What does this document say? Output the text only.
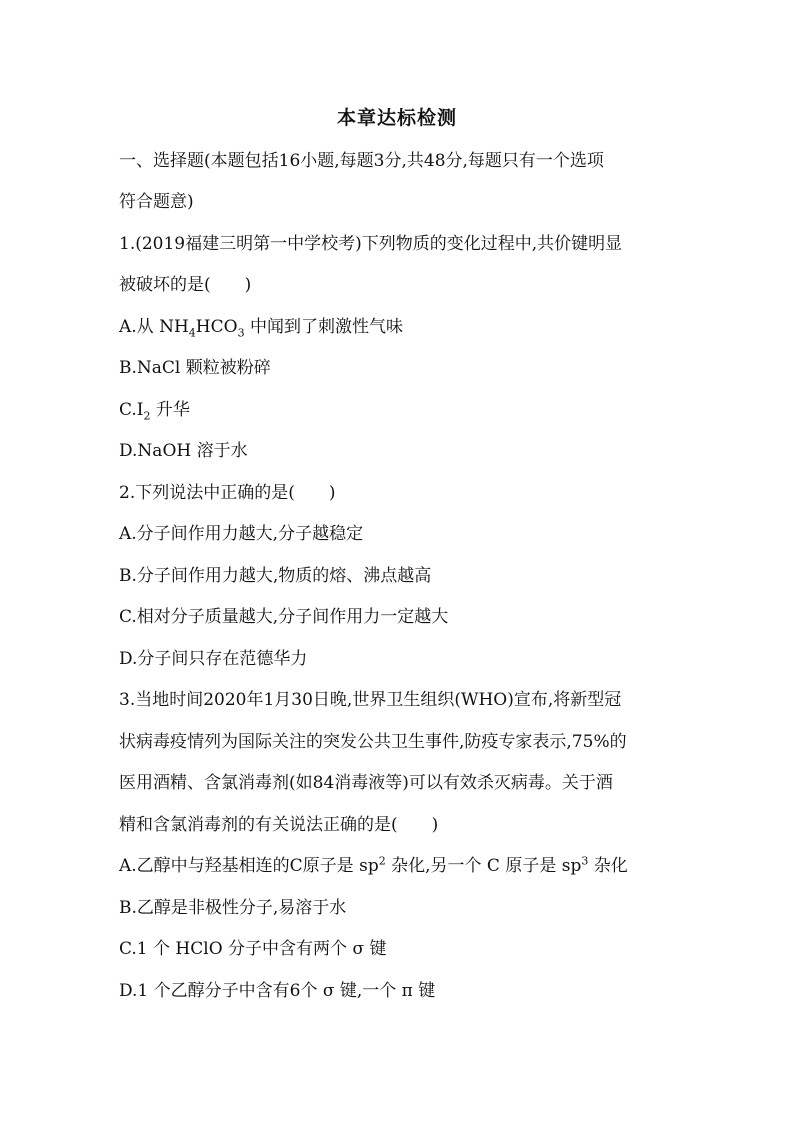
本章达标检测
一、选择题(本题包括16小题,每题3分,共48分,每题只有一个选项
符合题意)
1.(2019福建三明第一中学校考)下列物质的变化过程中,共价键明显
被破坏的是(　　)
A.从 $NH_4HCO_3$ 中闻到了刺激性气味
B.NaCl 颗粒被粉碎
$C.I_2$ 升华
D.NaOH 溶于水
2.下列说法中正确的是(　　)
A.分子间作用力越大,分子越稳定
B.分子间作用力越大,物质的熔、沸点越高
C.相对分子质量越大,分子间作用力一定越大
D.分子间只存在范德华力
3.当地时间2020年1月30日晚,世界卫生组织(WHO)宣布,将新型冠
状病毒疫情列为国际关注的突发公共卫生事件,防疫专家表示,75%的
医用酒精、含氯消毒剂(如84消毒液等)可以有效杀灭病毒。关于酒
精和含氯消毒剂的有关说法正确的是(　　)
A.乙醇中与羟基相连的C原子是 $sp^2$ 杂化,另一个 C 原子是 $sp^3$ 杂化
B.乙醇是非极性分子,易溶于水
C.1 个 HClO 分子中含有两个 σ 键
D.1 个乙醇分子中含有6个 σ 键,一个 π 键
